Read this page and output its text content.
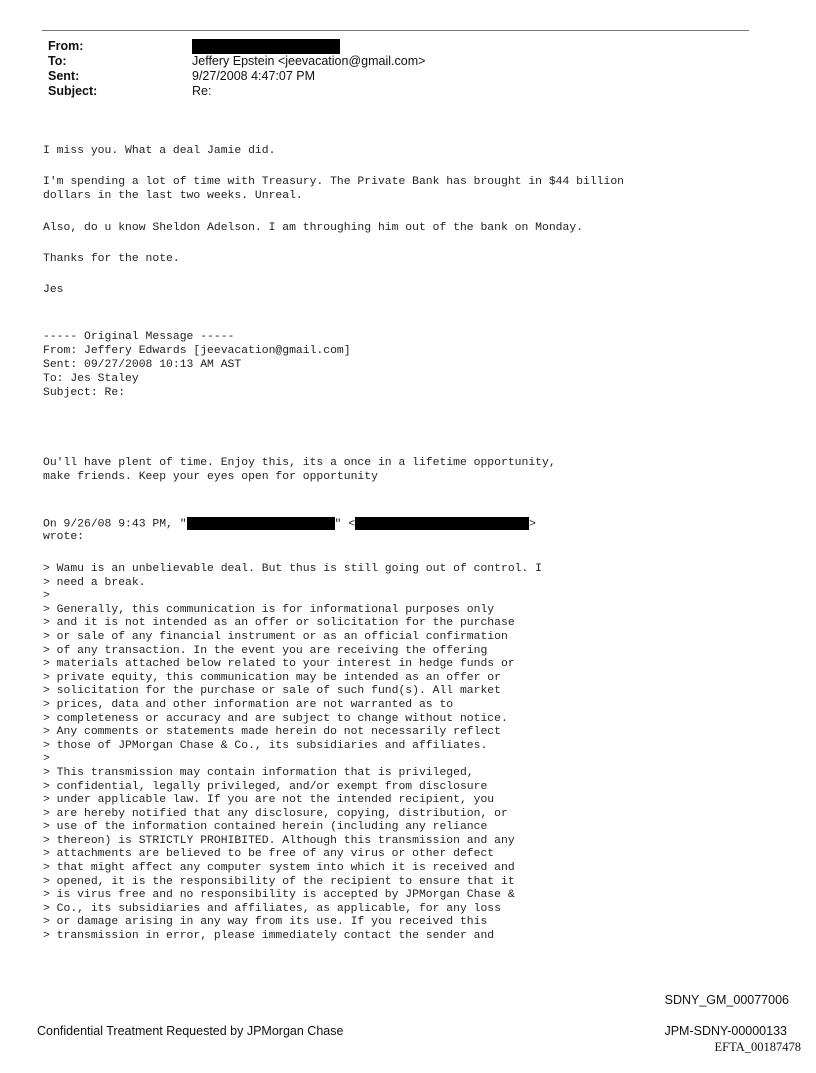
From:
To:	Jeffery Epstein <jeevacation@gmail.com>
Sent:	9/27/2008 4:47:07 PM
Subject:	Re:
I miss you. What a deal Jamie did.
I'm spending a lot of time with Treasury. The Private Bank has brought in $44 billion
dollars in the last two weeks. Unreal.
Also, do u know Sheldon Adelson. I am throughing him out of the bank on Monday.
Thanks for the note.
Jes
----- Original Message -----
From: Jeffery Edwards [jeevacation@gmail.com]
Sent: 09/27/2008 10:13 AM AST
To: Jes Staley
Subject: Re:
Ou'll have plent of time. Enjoy this, its a once in a lifetime opportunity,
make friends. Keep your eyes open for opportunity
On 9/26/08 9:43 PM, "	" <	>
wrote:
> Wamu is an unbelievable deal. But thus is still going out of control. I
> need a break.
>
> Generally, this communication is for informational purposes only
> and it is not intended as an offer or solicitation for the purchase
> or sale of any financial instrument or as an official confirmation
> of any transaction. In the event you are receiving the offering
> materials attached below related to your interest in hedge funds or
> private equity, this communication may be intended as an offer or
> solicitation for the purchase or sale of such fund(s). All market
> prices, data and other information are not warranted as to
> completeness or accuracy and are subject to change without notice.
> Any comments or statements made herein do not necessarily reflect
> those of JPMorgan Chase & Co., its subsidiaries and affiliates.
>
> This transmission may contain information that is privileged,
> confidential, legally privileged, and/or exempt from disclosure
> under applicable law. If you are not the intended recipient, you
> are hereby notified that any disclosure, copying, distribution, or
> use of the information contained herein (including any reliance
> thereon) is STRICTLY PROHIBITED. Although this transmission and any
> attachments are believed to be free of any virus or other defect
> that might affect any computer system into which it is received and
> opened, it is the responsibility of the recipient to ensure that it
> is virus free and no responsibility is accepted by JPMorgan Chase &
> Co., its subsidiaries and affiliates, as applicable, for any loss
> or damage arising in any way from its use. If you received this
> transmission in error, please immediately contact the sender and
SDNY_GM_00077006
Confidential Treatment Requested by JPMorgan Chase	JPM-SDNY-00000133
EFTA_00187478
